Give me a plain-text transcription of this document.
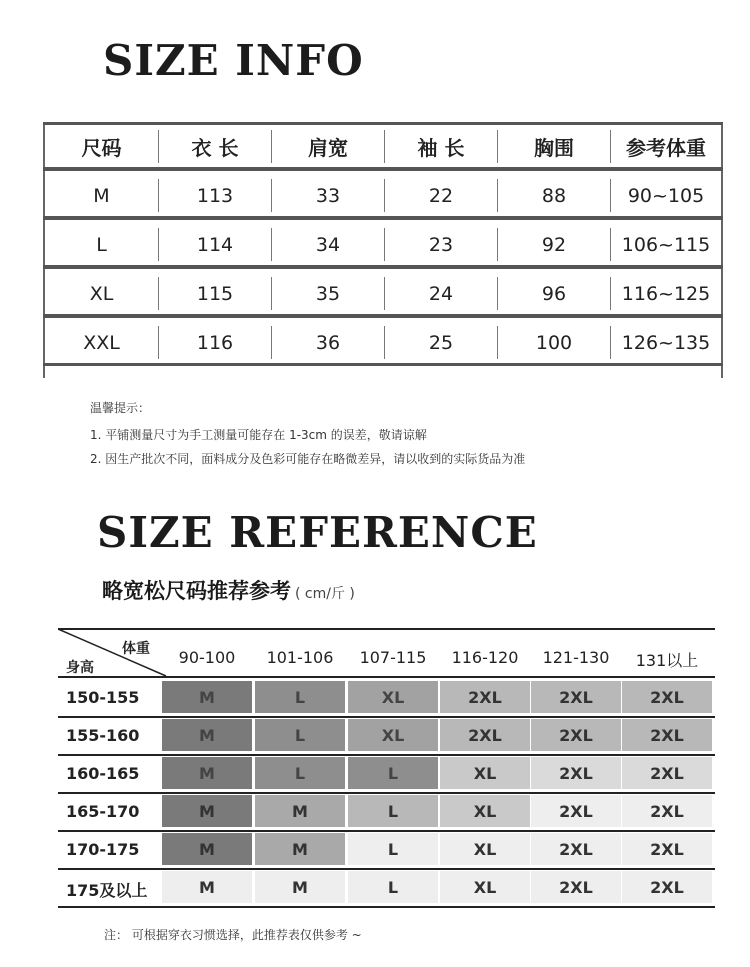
SIZE INFO
尺码	衣 长	肩宽	袖 长	胸围	参考体重
M	113	33	22	88	90~105
L	114	34	23	92	106~115
XL	115	35	24	96	116~125
XXL	116	36	25	100	126~135
温馨提示：
1. 平铺测量尺寸为手工测量可能存在 1-3cm 的误差，敬请谅解
2. 因生产批次不同，面料成分及色彩可能存在略微差异，请以收到的实际货品为准
SIZE REFERENCE
略宽松尺码推荐参考 ( cm/斤 )
体重
身高
90-100	101-106	107-115	116-120	121-130	131以上
150-155	M	L	XL	2XL	2XL	2XL
155-160	M	L	XL	2XL	2XL	2XL
160-165	M	L	L	XL	2XL	2XL
165-170	M	M	L	XL	2XL	2XL
170-175	M	M	L	XL	2XL	2XL
175及以上	M	M	L	XL	2XL	2XL
注： 可根据穿衣习惯选择，此推荐表仅供参考 ~
